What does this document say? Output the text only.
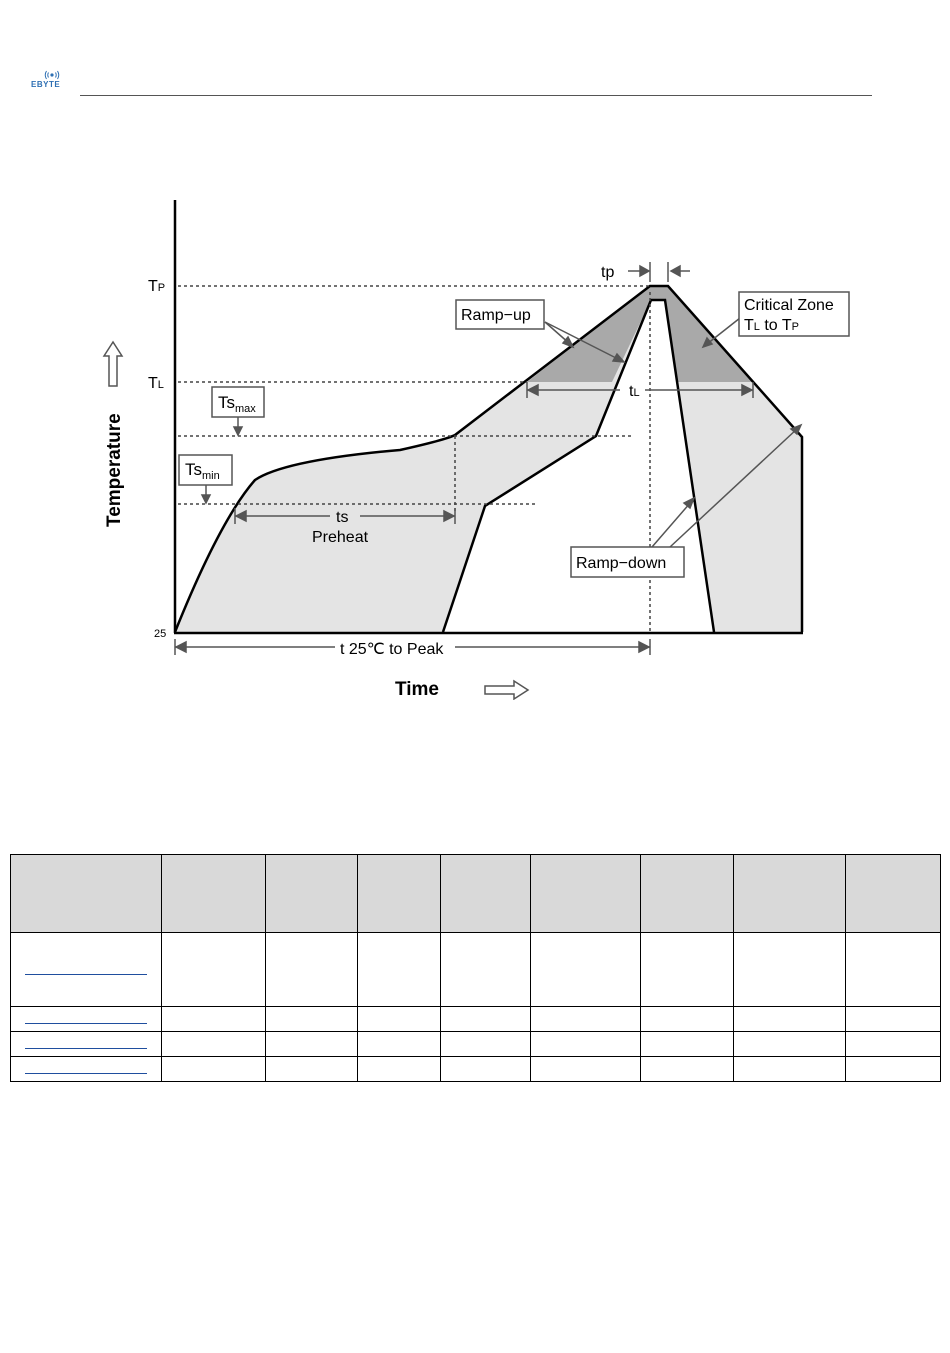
EBYTE
TP
TL
25
Temperature
Time
$Ts_{max}$
$Ts_{min}$
ts
Preheat
tp
Ramp−up
Critical Zone
TL to TP
tL
Ramp−down
t 25℃ to Peak
